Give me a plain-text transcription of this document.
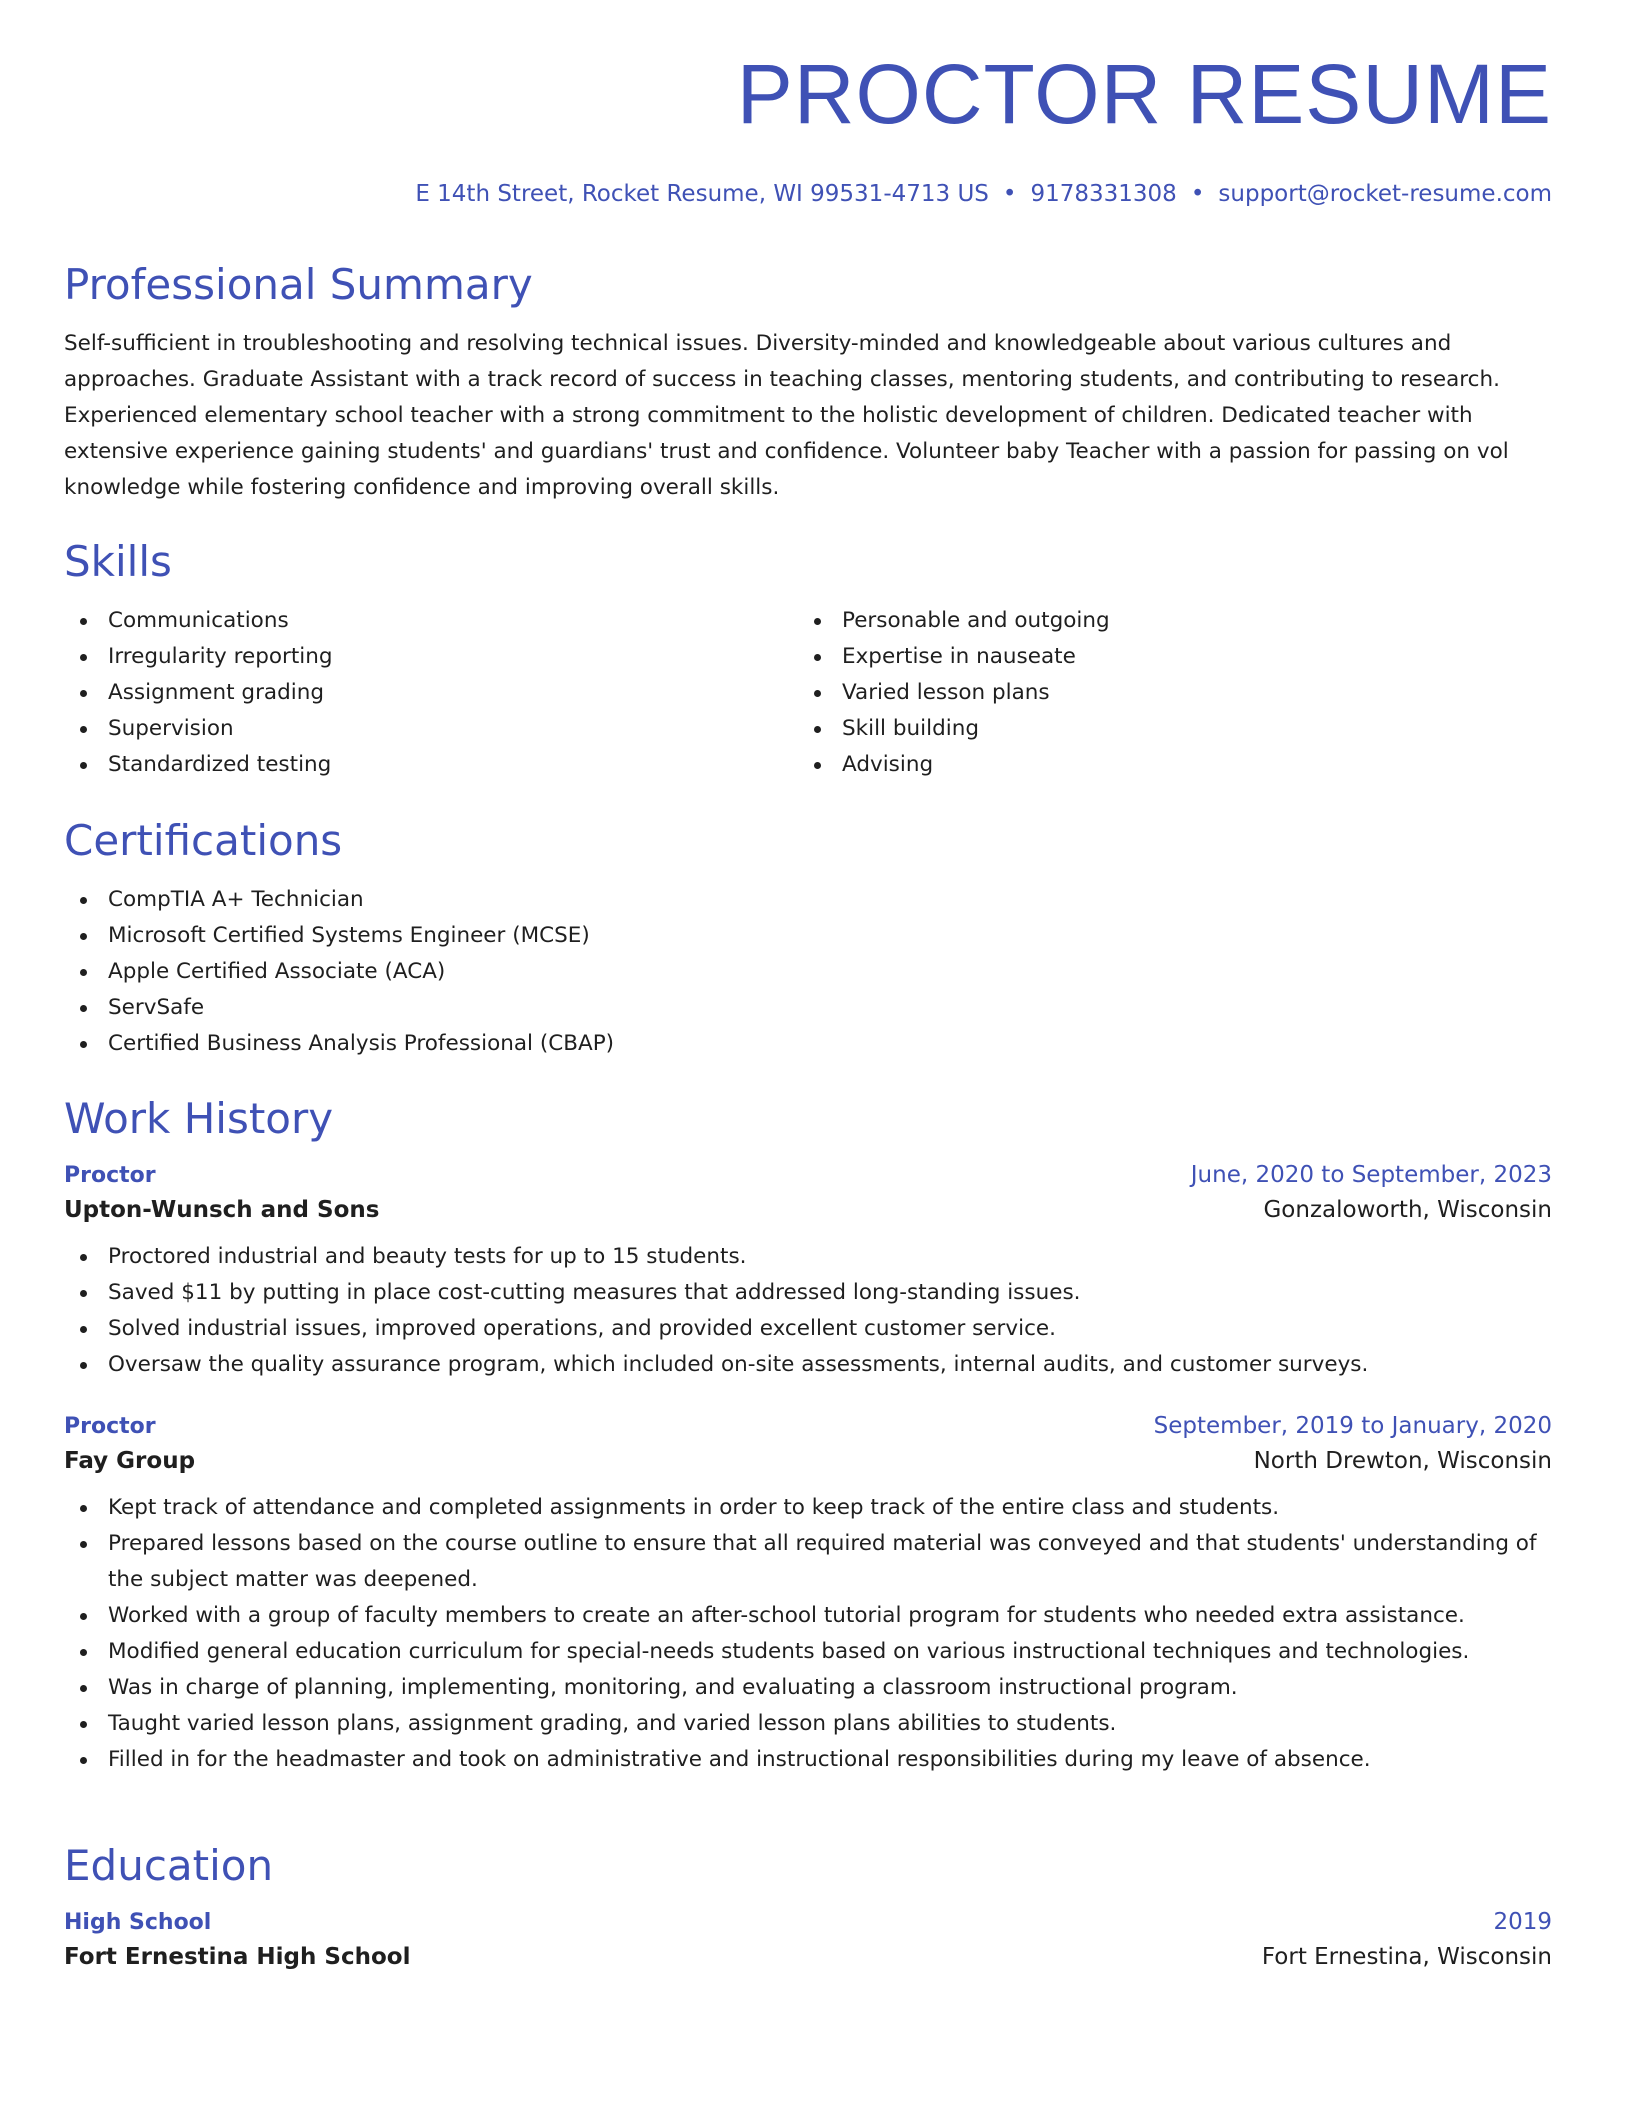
PROCTOR RESUME
E 14th Street, Rocket Resume, WI 99531-4713 US • 9178331308 • support@rocket-resume.com
Professional Summary
Self-sufficient in troubleshooting and resolving technical issues. Diversity-minded and knowledgeable about various cultures and approaches. Graduate Assistant with a track record of success in teaching classes, mentoring students, and contributing to research. Experienced elementary school teacher with a strong commitment to the holistic development of children. Dedicated teacher with extensive experience gaining students' and guardians' trust and confidence. Volunteer baby Teacher with a passion for passing on vol knowledge while fostering confidence and improving overall skills.
Skills
Communications
Irregularity reporting
Assignment grading
Supervision
Standardized testing
Personable and outgoing
Expertise in nauseate
Varied lesson plans
Skill building
Advising
Certifications
CompTIA A+ Technician
Microsoft Certified Systems Engineer (MCSE)
Apple Certified Associate (ACA)
ServSafe
Certified Business Analysis Professional (CBAP)
Work History
Proctor	June, 2020 to September, 2023
Upton-Wunsch and Sons	Gonzaloworth, Wisconsin
Proctored industrial and beauty tests for up to 15 students.
Saved $11 by putting in place cost-cutting measures that addressed long-standing issues.
Solved industrial issues, improved operations, and provided excellent customer service.
Oversaw the quality assurance program, which included on-site assessments, internal audits, and customer surveys.
Proctor	September, 2019 to January, 2020
Fay Group	North Drewton, Wisconsin
Kept track of attendance and completed assignments in order to keep track of the entire class and students.
Prepared lessons based on the course outline to ensure that all required material was conveyed and that students' understanding of the subject matter was deepened.
Worked with a group of faculty members to create an after-school tutorial program for students who needed extra assistance.
Modified general education curriculum for special-needs students based on various instructional techniques and technologies.
Was in charge of planning, implementing, monitoring, and evaluating a classroom instructional program.
Taught varied lesson plans, assignment grading, and varied lesson plans abilities to students.
Filled in for the headmaster and took on administrative and instructional responsibilities during my leave of absence.
Education
High School	2019
Fort Ernestina High School	Fort Ernestina, Wisconsin
